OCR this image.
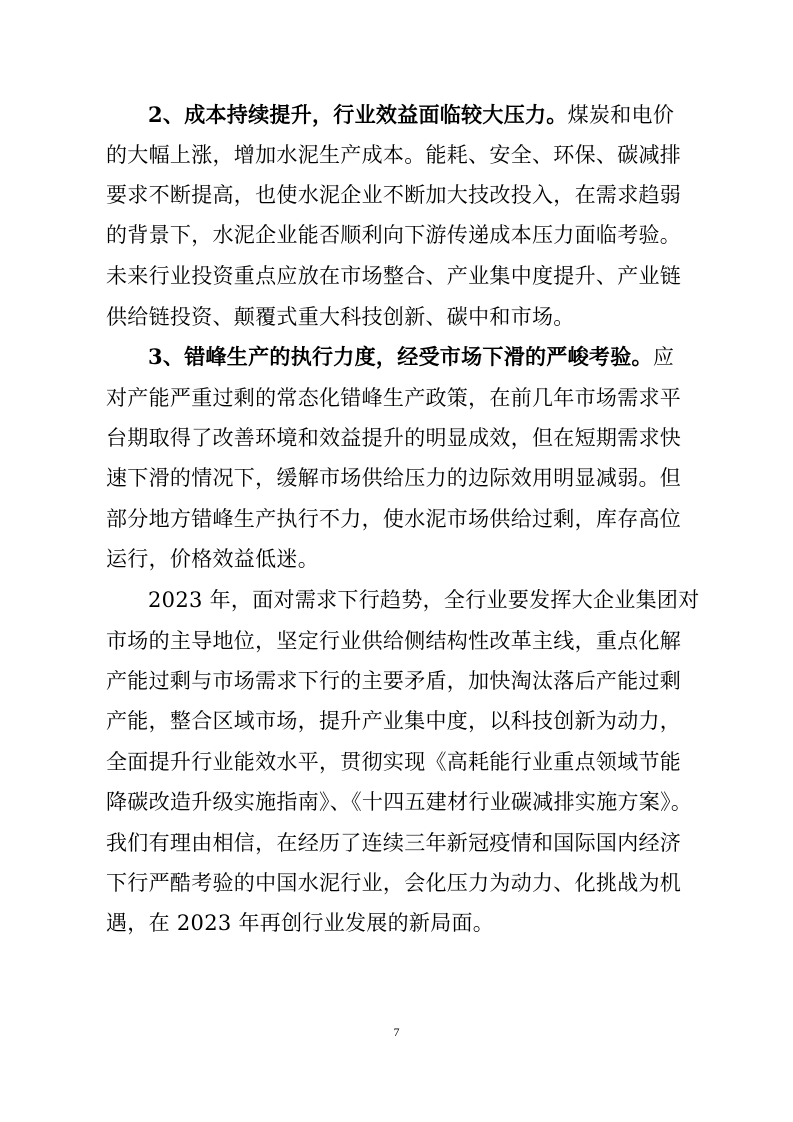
2、成本持续提升，行业效益面临较大压力。煤炭和电价
的大幅上涨，增加水泥生产成本。能耗、安全、环保、碳减排
要求不断提高，也使水泥企业不断加大技改投入，在需求趋弱
的背景下，水泥企业能否顺利向下游传递成本压力面临考验。
未来行业投资重点应放在市场整合、产业集中度提升、产业链
供给链投资、颠覆式重大科技创新、碳中和市场。
3、错峰生产的执行力度，经受市场下滑的严峻考验。应
对产能严重过剩的常态化错峰生产政策，在前几年市场需求平
台期取得了改善环境和效益提升的明显成效，但在短期需求快
速下滑的情况下，缓解市场供给压力的边际效用明显减弱。但
部分地方错峰生产执行不力，使水泥市场供给过剩，库存高位
运行，价格效益低迷。
2023 年，面对需求下行趋势，全行业要发挥大企业集团对
市场的主导地位，坚定行业供给侧结构性改革主线，重点化解
产能过剩与市场需求下行的主要矛盾，加快淘汰落后产能过剩
产能，整合区域市场，提升产业集中度，以科技创新为动力，
全面提升行业能效水平，贯彻实现《高耗能行业重点领域节能
降碳改造升级实施指南》、《十四五建材行业碳减排实施方案》。
我们有理由相信，在经历了连续三年新冠疫情和国际国内经济
下行严酷考验的中国水泥行业，会化压力为动力、化挑战为机
遇，在 2023 年再创行业发展的新局面。
7
